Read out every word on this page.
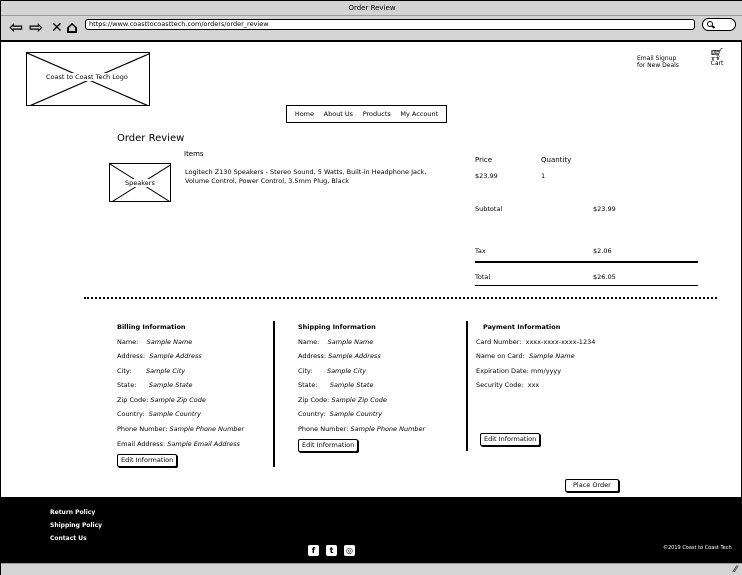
Order Review
⇦ ⇨ ✕ ⌂	https://www.coasttocoasttech.com/orders/order_review
Coast to Coast Tech Logo
Email Signup
for New Deals
🛒︎
Cart
Home About Us Products My Account
Order Review
Items
Speakers
Logitech Z130 Speakers - Stereo Sound, 5 Watts, Built-in Headphone Jack, Volume Control, Power Control, 3.5mm Plug, Black
Price	Quantity
$23.99	1
Subtotal	$23.99
Tax	$2.06
Total	$26.05
Billing Information
Name: Sample Name
Address: Sample Address
City: Sample City
State: Sample State
Zip Code: Sample Zip Code
Country: Sample Country
Phone Number: Sample Phone Number
Email Address: Sample Email Address
Edit Information
Shipping Information
Name: Sample Name
Address: Sample Address
City: Sample City
State: Sample State
Zip Code: Sample Zip Code
Country: Sample Country
Phone Number: Sample Phone Number
Edit Information
Payment Information
Card Number: xxxx-xxxx-xxxx-1234
Name on Card: Sample Name
Expiration Date: mm/yyyy
Security Code: xxx
Edit Information
Place Order
Return Policy
Shipping Policy
Contact Us
f	t	◎	©2019 Coast to Coast Tech
⁄⁄
